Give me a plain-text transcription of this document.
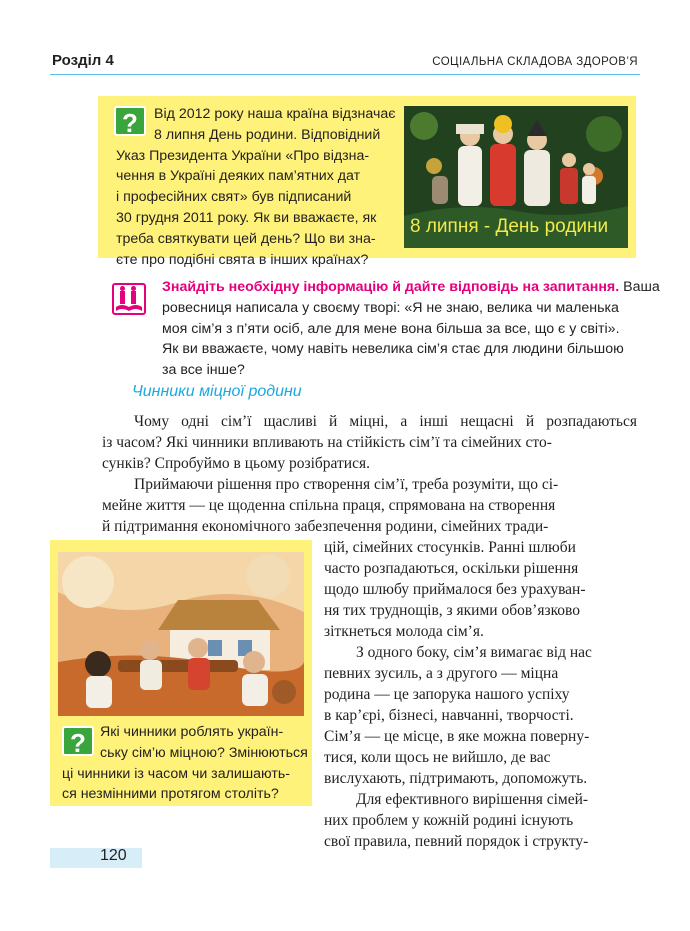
Розділ 4	СОЦІАЛЬНА СКЛАДОВА ЗДОРОВ’Я
?	Від 2012 року наша країна відзначає
8 липня День родини. Відповідний
Указ Президента України «Про відзна-
чення в Україні деяких пам’ятних дат
і професійних свят» був підписаний
30 грудня 2011 року. Як ви вважаєте, як
треба святкувати цей день? Що ви зна-
єте про подібні свята в інших країнах?
8 липня - День родини
Знайдіть необхідну інформацію й дайте відповідь на запитання. Ваша
ровесниця написала у своєму творі: «Я не знаю, велика чи маленька
моя сім’я з п’яти осіб, але для мене вона більша за все, що є у світі».
Як ви вважаєте, чому навіть невелика сім’я стає для людини більшою
за все інше?
Чинники міцної родини
Чому одні сім’ї щасливі й міцні, а інші нещасні й розпадаються
із часом? Які чинники впливають на стійкість сім’ї та сімейних сто-
сунків? Спробуймо в цьому розібратися.
Приймаючи рішення про створення сім’ї, треба розуміти, що сі-
мейне життя — це щоденна спільна праця, спрямована на створення
й підтримання економічного забезпечення родини, сімейних тради-
цій, сімейних стосунків. Ранні шлюби
часто розпадаються, оскільки рішення
щодо шлюбу приймалося без урахуван-
ня тих труднощів, з якими обов’язково
зіткнеться молода сім’я.
З одного боку, сім’я вимагає від нас
певних зусиль, а з другого — міцна
родина — це запорука нашого успіху
в кар’єрі, бізнесі, навчанні, творчості.
Сім’я — це місце, в яке можна поверну-
тися, коли щось не вийшло, де вас
вислухають, підтримають, допоможуть.
Для ефективного вирішення сімей-
них проблем у кожній родині існують
свої правила, певний порядок і структу-
? Які чинники роблять україн-
ську сім’ю міцною? Змінюються
ці чинники із часом чи залишають-
ся незмінними протягом століть?
120
